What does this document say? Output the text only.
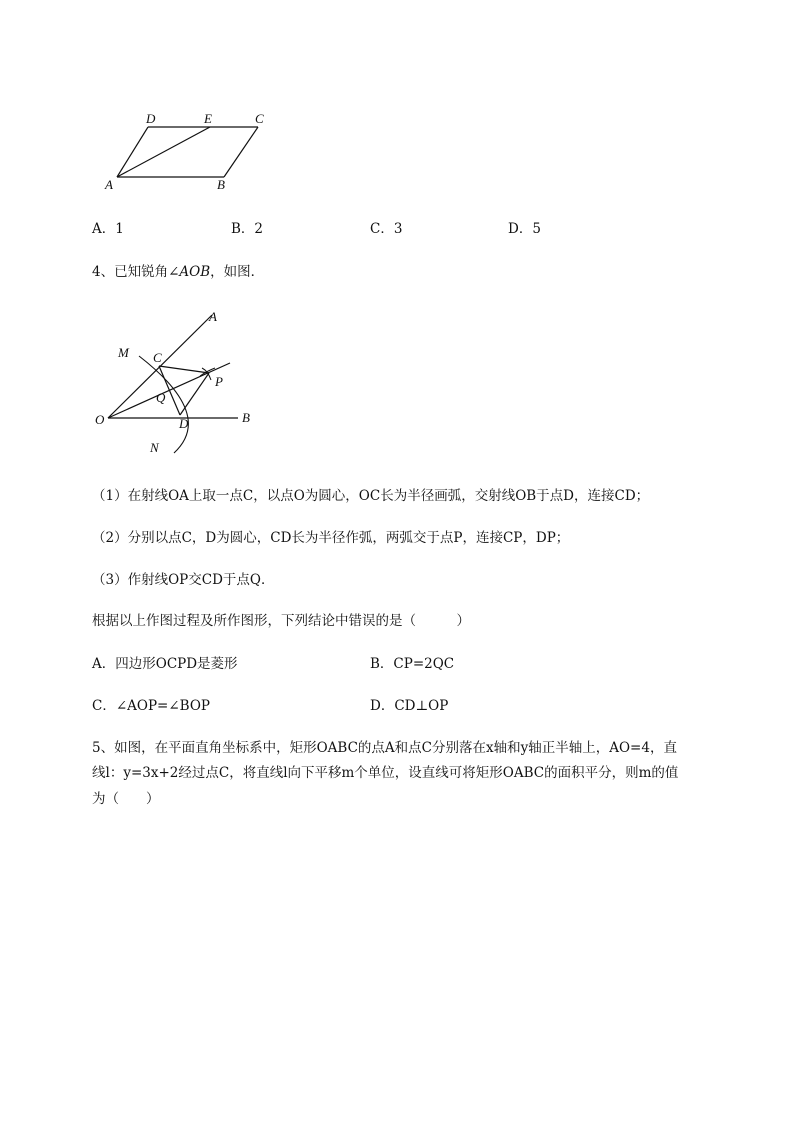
D	E	C
A	B
A．1	B．2	C．3	D．5
4、已知锐角∠AOB，如图．
A
M C
P
Q
O	D	B
N
（1）在射线OA上取一点C，以点O为圆心，OC长为半径画弧，交射线OB于点D，连接CD；
（2）分别以点C，D为圆心，CD长为半径作弧，两弧交于点P，连接CP，DP；
（3）作射线OP交CD于点Q．
根据以上作图过程及所作图形，下列结论中错误的是（　　　）
A．四边形OCPD是菱形	B．CP=2QC
C．∠AOP=∠BOP	D．CD⊥OP
5、如图，在平面直角坐标系中，矩形OABC的点A和点C分别落在x轴和y轴正半轴上，AO=4，直
线l：y=3x+2经过点C，将直线l向下平移m个单位，设直线可将矩形OABC的面积平分，则m的值
为（　　）
